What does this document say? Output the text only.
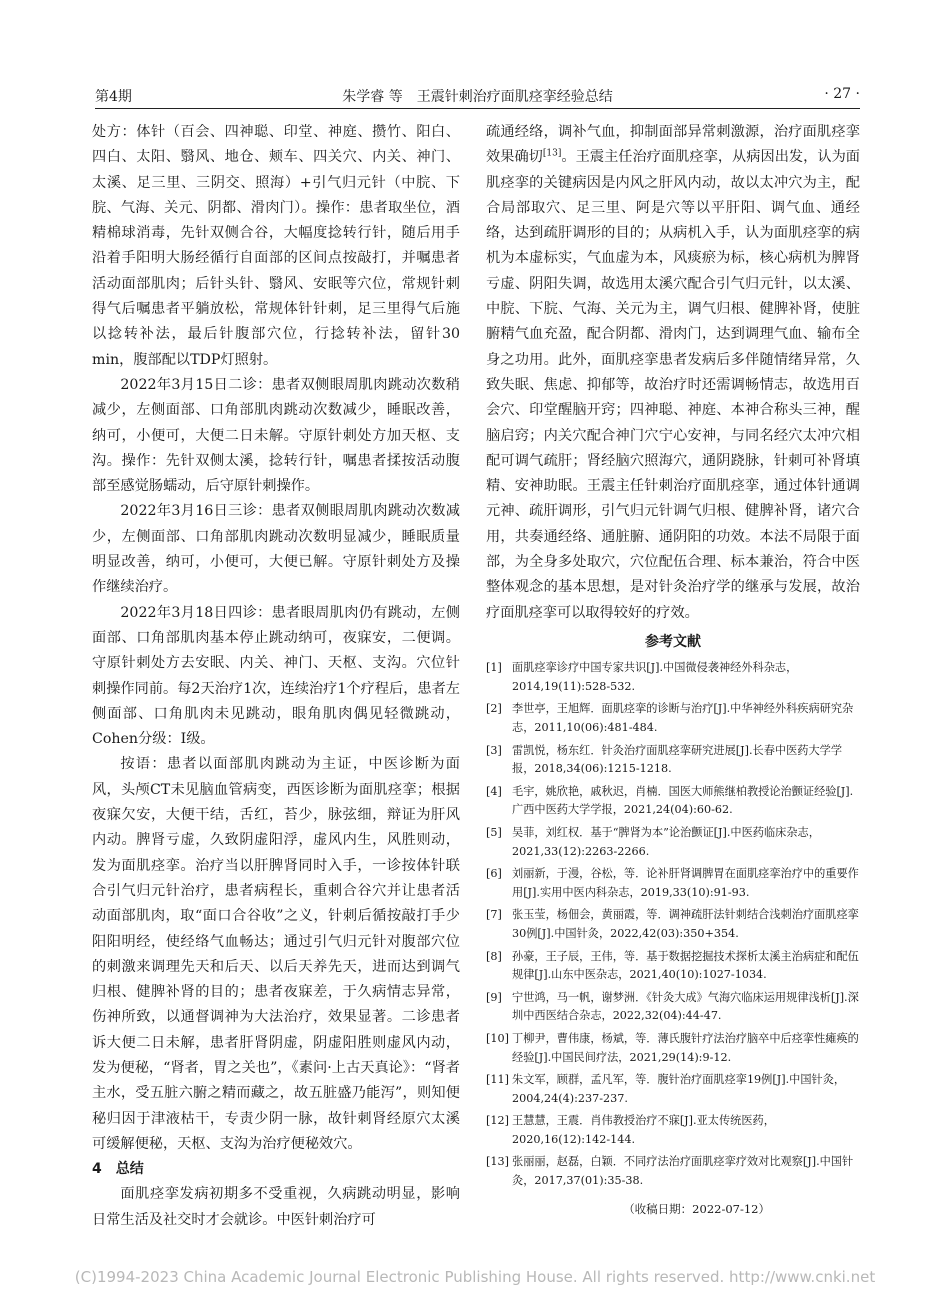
第4期	朱学睿 等　王震针刺治疗面肌痉挛经验总结	· 27 ·

处方：体针（百会、四神聪、印堂、神庭、攒竹、阳白、四白、太阳、翳风、地仓、颊车、四关穴、内关、神门、太溪、足三里、三阴交、照海）+引气归元针（中脘、下脘、气海、关元、阴都、滑肉门）。操作：患者取坐位，酒精棉球消毒，先针双侧合谷，大幅度捻转行针，随后用手沿着手阳明大肠经循行自面部的区间点按敲打，并嘱患者活动面部肌肉；后针头针、翳风、安眠等穴位，常规针刺得气后嘱患者平躺放松，常规体针针刺，足三里得气后施以捻转补法，最后针腹部穴位，行捻转补法，留针30 min，腹部配以TDP灯照射。

2022年3月15日二诊：患者双侧眼周肌肉跳动次数稍减少，左侧面部、口角部肌肉跳动次数减少，睡眠改善，纳可，小便可，大便二日未解。守原针刺处方加天枢、支沟。操作：先针双侧太溪，捻转行针，嘱患者揉按活动腹部至感觉肠蠕动，后守原针刺操作。

2022年3月16日三诊：患者双侧眼周肌肉跳动次数减少，左侧面部、口角部肌肉跳动次数明显减少，睡眠质量明显改善，纳可，小便可，大便已解。守原针刺处方及操作继续治疗。

2022年3月18日四诊：患者眼周肌肉仍有跳动，左侧面部、口角部肌肉基本停止跳动纳可，夜寐安，二便调。守原针刺处方去安眠、内关、神门、天枢、支沟。穴位针刺操作同前。每2天治疗1次，连续治疗1个疗程后，患者左侧面部、口角肌肉未见跳动，眼角肌肉偶见轻微跳动，Cohen分级：I级。

按语：患者以面部肌肉跳动为主证，中医诊断为面风，头颅CT未见脑血管病变，西医诊断为面肌痉挛；根据夜寐欠安，大便干结，舌红，苔少，脉弦细，辩证为肝风内动。脾肾亏虚，久致阴虚阳浮，虚风内生，风胜则动，发为面肌痉挛。治疗当以肝脾肾同时入手，一诊按体针联合引气归元针治疗，患者病程长，重刺合谷穴并让患者活动面部肌肉，取“面口合谷收”之义，针刺后循按敲打手少阳阳明经，使经络气血畅达；通过引气归元针对腹部穴位的刺激来调理先天和后天、以后天养先天，进而达到调气归根、健脾补肾的目的；患者夜寐差，于久病情志异常，伤神所致，以通督调神为大法治疗，效果显著。二诊患者诉大便二日未解，患者肝肾阴虚，阴虚阳胜则虚风内动，发为便秘，“肾者，胃之关也”，《素问·上古天真论》：“肾者主水，受五脏六腑之精而藏之，故五脏盛乃能泻”，则知便秘归因于津液枯干，专责少阴一脉，故针刺肾经原穴太溪可缓解便秘，天枢、支沟为治疗便秘效穴。

4　总结

面肌痉挛发病初期多不受重视，久病跳动明显，影响日常生活及社交时才会就诊。中医针刺治疗可

疏通经络，调补气血，抑制面部异常刺激源，治疗面肌痉挛效果确切[13]。王震主任治疗面肌痉挛，从病因出发，认为面肌痉挛的关键病因是内风之肝风内动，故以太冲穴为主，配合局部取穴、足三里、阿是穴等以平肝阳、调气血、通经络，达到疏肝调形的目的；从病机入手，认为面肌痉挛的病机为本虚标实，气血虚为本，风痰瘀为标，核心病机为脾肾亏虚、阴阳失调，故选用太溪穴配合引气归元针，以太溪、中脘、下脘、气海、关元为主，调气归根、健脾补肾，使脏腑精气血充盈，配合阴都、滑肉门，达到调理气血、输布全身之功用。此外，面肌痉挛患者发病后多伴随情绪异常，久致失眠、焦虑、抑郁等，故治疗时还需调畅情志，故选用百会穴、印堂醒脑开窍；四神聪、神庭、本神合称头三神，醒脑启窍；内关穴配合神门穴宁心安神，与同名经穴太冲穴相配可调气疏肝；肾经脑穴照海穴，通阴跷脉，针刺可补肾填精、安神助眠。王震主任针刺治疗面肌痉挛，通过体针通调元神、疏肝调形，引气归元针调气归根、健脾补肾，诸穴合用，共奏通经络、通脏腑、通阴阳的功效。本法不局限于面部，为全身多处取穴，穴位配伍合理、标本兼治，符合中医整体观念的基本思想，是对针灸治疗学的继承与发展，故治疗面肌痉挛可以取得较好的疗效。

参考文献
[1] 面肌痉挛诊疗中国专家共识[J].中国微侵袭神经外科杂志，2014,19(11):528-532.
[2] 李世亭，王旭辉．面肌痉挛的诊断与治疗[J].中华神经外科疾病研究杂志，2011,10(06):481-484.
[3] 雷凯悦，杨东红．针灸治疗面肌痉挛研究进展[J].长春中医药大学学报，2018,34(06):1215-1218.
[4] 毛宇，姚欣艳，戚秋迟，肖楠．国医大师熊继柏教授论治颤证经验[J].广西中医药大学学报，2021,24(04):60-62.
[5] 吴菲，刘红权．基于“脾肾为本”论治颤证[J].中医药临床杂志，2021,33(12):2263-2266.
[6] 刘丽新，于漫，谷松，等．论补肝肾调脾胃在面肌痉挛治疗中的重要作用[J].实用中医内科杂志，2019,33(10):91-93.
[7] 张玉莹，杨佃会，黄丽霞，等．调神疏肝法针刺结合浅刺治疗面肌痉挛30例[J].中国针灸，2022,42(03):350+354.
[8] 孙豪，王子辰，王伟，等．基于数据挖掘技术探析太溪主治病症和配伍规律[J].山东中医杂志，2021,40(10):1027-1034.
[9] 宁世鸿，马一帆，谢梦洲．《针灸大成》气海穴临床运用规律浅析[J].深圳中西医结合杂志，2022,32(04):44-47.
[10] 丁柳尹，曹伟康，杨斌，等．薄氏腹针疗法治疗脑卒中后痉挛性瘫痪的经验[J].中国民间疗法，2021,29(14):9-12.
[11] 朱文军，顾群，孟凡军，等．腹针治疗面肌痉挛19例[J].中国针灸，2004,24(4):237-237.
[12] 王慧慧，王震．肖伟教授治疗不寐[J].亚太传统医药，2020,16(12):142-144.
[13] 张丽丽，赵磊，白颖．不同疗法治疗面肌痉挛疗效对比观察[J].中国针灸，2017,37(01):35-38.
（收稿日期：2022-07-12）
(C)1994-2023 China Academic Journal Electronic Publishing House. All rights reserved. http://www.cnki.net
